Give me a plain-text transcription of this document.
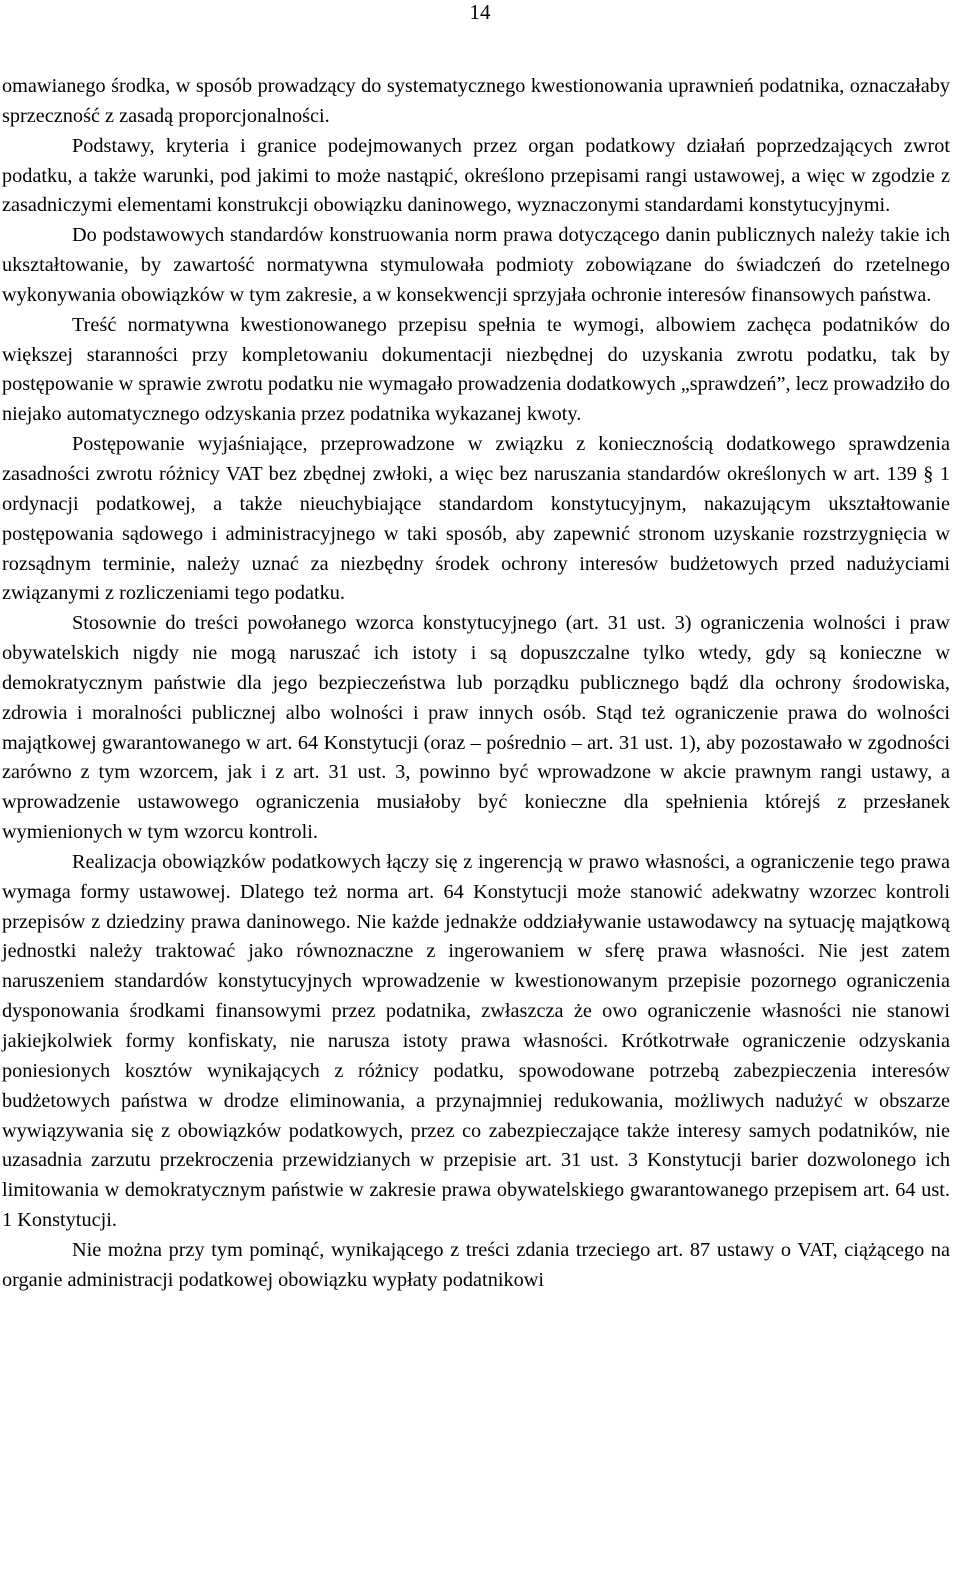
14

omawianego środka, w sposób prowadzący do systematycznego kwestionowania uprawnień podatnika, oznaczałaby sprzeczność z zasadą proporcjonalności.

Podstawy, kryteria i granice podejmowanych przez organ podatkowy działań poprzedzających zwrot podatku, a także warunki, pod jakimi to może nastąpić, określono przepisami rangi ustawowej, a więc w zgodzie z zasadniczymi elementami konstrukcji obowiązku daninowego, wyznaczonymi standardami konstytucyjnymi.

Do podstawowych standardów konstruowania norm prawa dotyczącego danin publicznych należy takie ich ukształtowanie, by zawartość normatywna stymulowała podmioty zobowiązane do świadczeń do rzetelnego wykonywania obowiązków w tym zakresie, a w konsekwencji sprzyjała ochronie interesów finansowych państwa.

Treść normatywna kwestionowanego przepisu spełnia te wymogi, albowiem zachęca podatników do większej staranności przy kompletowaniu dokumentacji niezbędnej do uzyskania zwrotu podatku, tak by postępowanie w sprawie zwrotu podatku nie wymagało prowadzenia dodatkowych „sprawdzeń”, lecz prowadziło do niejako automatycznego odzyskania przez podatnika wykazanej kwoty.

Postępowanie wyjaśniające, przeprowadzone w związku z koniecznością dodatkowego sprawdzenia zasadności zwrotu różnicy VAT bez zbędnej zwłoki, a więc bez naruszania standardów określonych w art. 139 § 1 ordynacji podatkowej, a także nieuchybiające standardom konstytucyjnym, nakazującym ukształtowanie postępowania sądowego i administracyjnego w taki sposób, aby zapewnić stronom uzyskanie rozstrzygnięcia w rozsądnym terminie, należy uznać za niezbędny środek ochrony interesów budżetowych przed nadużyciami związanymi z rozliczeniami tego podatku.

Stosownie do treści powołanego wzorca konstytucyjnego (art. 31 ust. 3) ograniczenia wolności i praw obywatelskich nigdy nie mogą naruszać ich istoty i są dopuszczalne tylko wtedy, gdy są konieczne w demokratycznym państwie dla jego bezpieczeństwa lub porządku publicznego bądź dla ochrony środowiska, zdrowia i moralności publicznej albo wolności i praw innych osób. Stąd też ograniczenie prawa do wolności majątkowej gwarantowanego w art. 64 Konstytucji (oraz – pośrednio – art. 31 ust. 1), aby pozostawało w zgodności zarówno z tym wzorcem, jak i z art. 31 ust. 3, powinno być wprowadzone w akcie prawnym rangi ustawy, a wprowadzenie ustawowego ograniczenia musiałoby być konieczne dla spełnienia którejś z przesłanek wymienionych w tym wzorcu kontroli.

Realizacja obowiązków podatkowych łączy się z ingerencją w prawo własności, a ograniczenie tego prawa wymaga formy ustawowej. Dlatego też norma art. 64 Konstytucji może stanowić adekwatny wzorzec kontroli przepisów z dziedziny prawa daninowego. Nie każde jednakże oddziaływanie ustawodawcy na sytuację majątkową jednostki należy traktować jako równoznaczne z ingerowaniem w sferę prawa własności. Nie jest zatem naruszeniem standardów konstytucyjnych wprowadzenie w kwestionowanym przepisie pozornego ograniczenia dysponowania środkami finansowymi przez podatnika, zwłaszcza że owo ograniczenie własności nie stanowi jakiejkolwiek formy konfiskaty, nie narusza istoty prawa własności. Krótkotrwałe ograniczenie odzyskania poniesionych kosztów wynikających z różnicy podatku, spowodowane potrzebą zabezpieczenia interesów budżetowych państwa w drodze eliminowania, a przynajmniej redukowania, możliwych nadużyć w obszarze wywiązywania się z obowiązków podatkowych, przez co zabezpieczające także interesy samych podatników, nie uzasadnia zarzutu przekroczenia przewidzianych w przepisie art. 31 ust. 3 Konstytucji barier dozwolonego ich limitowania w demokratycznym państwie w zakresie prawa obywatelskiego gwarantowanego przepisem art. 64 ust. 1 Konstytucji.

Nie można przy tym pominąć, wynikającego z treści zdania trzeciego art. 87 ustawy o VAT, ciążącego na organie administracji podatkowej obowiązku wypłaty podatnikowi
